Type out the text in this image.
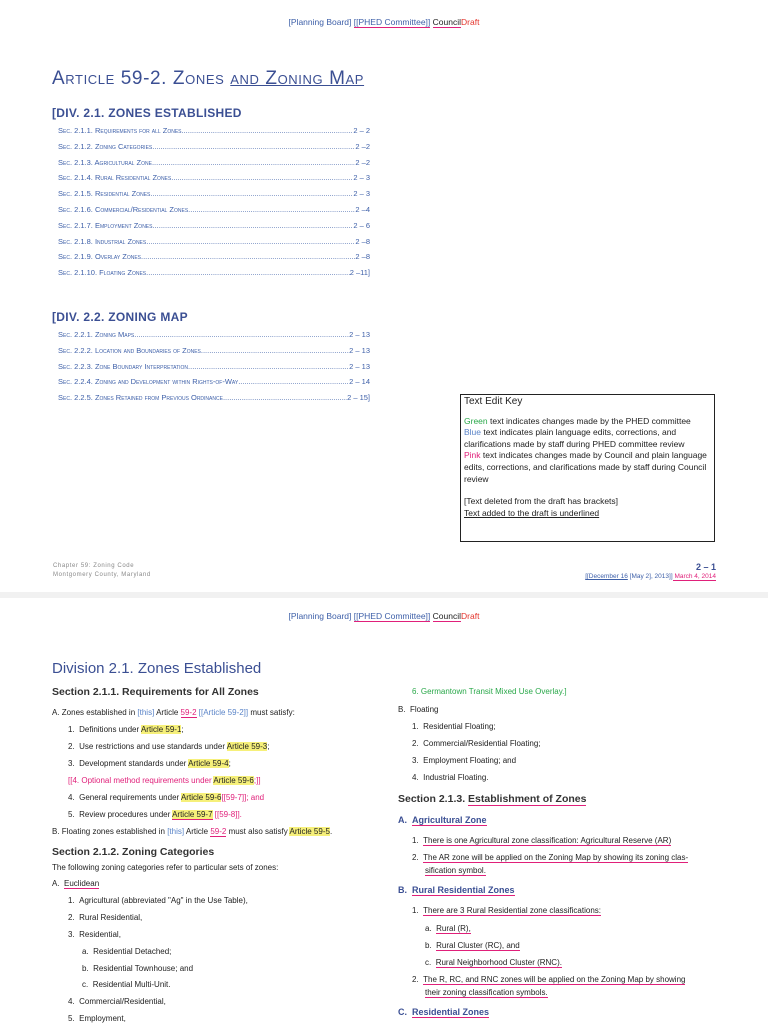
[Planning Board] [[PHED Committee]] CouncilDraft
Article 59-2. Zones and Zoning Map
[DIV. 2.1. ZONES ESTABLISHED
Sec. 2.1.1. Requirements for all Zones .....	2 – 2
Sec. 2.1.2. Zoning Categories .....	2 –2
Sec. 2.1.3. Agricultural Zone .....	2 –2
Sec. 2.1.4. Rural Residential Zones .....	2 – 3
Sec. 2.1.5. Residential Zones .....	2 – 3
Sec. 2.1.6. Commercial/Residential Zones .....	2 –4
Sec. 2.1.7. Employment Zones .....	2 – 6
Sec. 2.1.8. Industrial Zones .....	2 –8
Sec. 2.1.9. Overlay Zones .....	2 –8
Sec. 2.1.10. Floating Zones .....	2 –11]
[DIV. 2.2. ZONING MAP
Sec. 2.2.1. Zoning Maps .....	2 – 13
Sec. 2.2.2. Location and Boundaries of Zones .....	2 – 13
Sec. 2.2.3. Zone Boundary Interpretation .....	2 – 13
Sec. 2.2.4. Zoning and Development within Rights-of-Way .....	2 – 14
Sec. 2.2.5. Zones Retained from Previous Ordinance .....	2 – 15]	Text Edit Key
Green text indicates changes made by the PHED committee
Blue text indicates plain language edits, corrections, and clarifications made by staff during PHED committee review
Pink text indicates changes made by Council and plain language edits, corrections, and clarifications made by staff during Council review
[Text deleted from the draft has brackets]
Text added to the draft is underlined
Chapter 59: Zoning Code
Montgomery County, Maryland
2 – 1
[[December 16 [May 2], 2013]] March 4, 2014
[Planning Board] [[PHED Committee]] CouncilDraft
Division 2.1. Zones Established
Section 2.1.1. Requirements for All Zones
A. Zones established in [this] Article 59-2 [[Article 59-2]] must satisfy:
1. Definitions under Article 59-1;
2. Use restrictions and use standards under Article 59-3;
3. Development standards under Article 59-4;
[[4. Optional method requirements under Article 59-6;]]
4. General requirements under Article 59-6[[59-7]]; and
5. Review procedures under Article 59-7 [[59-8]].
B. Floating zones established in [this] Article 59-2 must also satisfy Article 59-5.
Section 2.1.2. Zoning Categories
The following zoning categories refer to particular sets of zones:
A. Euclidean
1. Agricultural (abbreviated "Ag" in the Use Table),
2. Rural Residential,
3. Residential,
a. Residential Detached;
b. Residential Townhouse; and
c. Residential Multi-Unit.
4. Commercial/Residential,
5. Employment,
6. Germantown Transit Mixed Use Overlay.]
B. Floating
1. Residential Floating;
2. Commercial/Residential Floating;
3. Employment Floating; and
4. Industrial Floating.
Section 2.1.3. Establishment of Zones
A. Agricultural Zone
1. There is one Agricultural zone classification: Agricultural Reserve (AR)
2. The AR zone will be applied on the Zoning Map by showing its zoning clas-
sification symbol.
B. Rural Residential Zones
1. There are 3 Rural Residential zone classifications:
a. Rural (R),
b. Rural Cluster (RC), and
c. Rural Neighborhood Cluster (RNC).
2. The R, RC, and RNC zones will be applied on the Zoning Map by showing
their zoning classification symbols.
C. Residential Zones
